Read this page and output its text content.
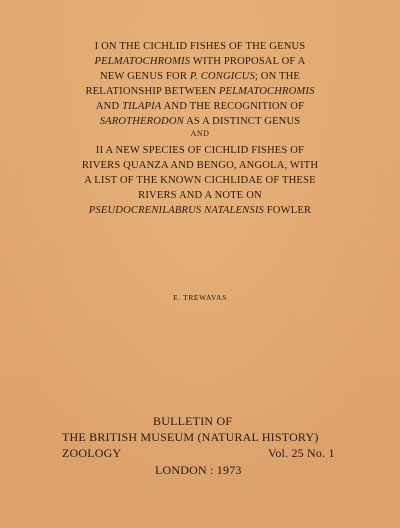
I ON THE CICHLID FISHES OF THE GENUS
PELMATOCHROMIS WITH PROPOSAL OF A
NEW GENUS FOR P. CONGICUS; ON THE
RELATIONSHIP BETWEEN PELMATOCHROMIS
AND TILAPIA AND THE RECOGNITION OF
SAROTHERODON AS A DISTINCT GENUS
AND
II A NEW SPECIES OF CICHLID FISHES OF
RIVERS QUANZA AND BENGO, ANGOLA, WITH
A LIST OF THE KNOWN CICHLIDAE OF THESE
RIVERS AND A NOTE ON
PSEUDOCRENILABRUS NATALENSIS FOWLER
E. TREWAVAS
BULLETIN OF
THE BRITISH MUSEUM (NATURAL HISTORY)
ZOOLOGY	Vol. 25 No. 1
LONDON : 1973
